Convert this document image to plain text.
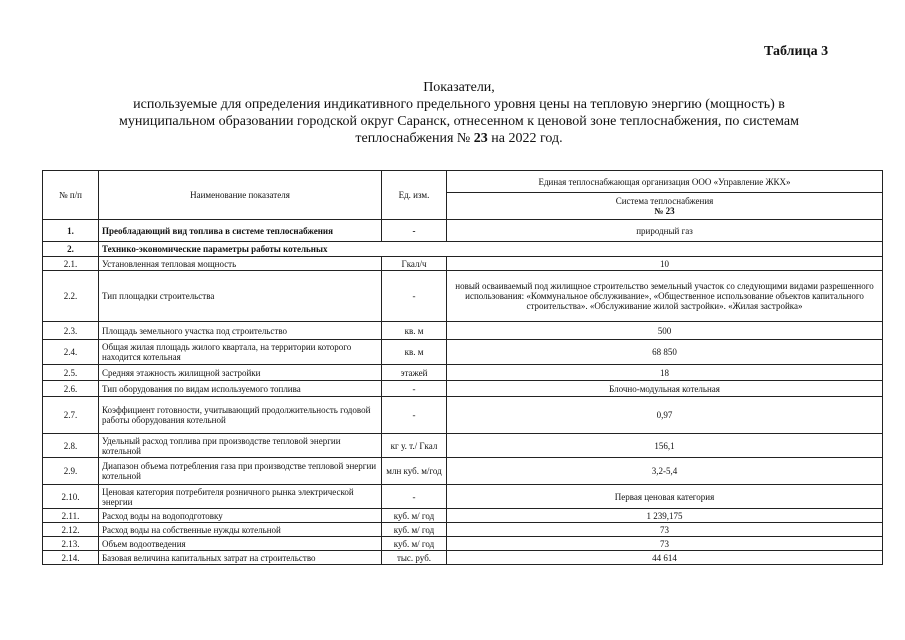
Таблица 3
Показатели,
используемые для определения индикативного предельного уровня цены на тепловую энергию (мощность) в
муниципальном образовании городской округ Саранск, отнесенном к ценовой зоне теплоснабжения, по системам
теплоснабжения № 23 на 2022 год.
№ п/п	Наименование показателя	Ед. изм.	Единая теплоснабжающая организация ООО «Управление ЖКХ»

			Система теплоснабжения
№ 23

1.	Преобладающий вид топлива в системе теплоснабжения	-	природный газ
2.	Технико-экономические параметры работы котельных		
2.1.	Установленная тепловая мощность	Гкал/ч	10
2.2.	Тип площадки строительства	-	новый осваиваемый под жилищное строительство земельный участок со следующими видами разрешенного использования: «Коммунальное обслуживание», «Общественное использование объектов капитального строительства». «Обслуживание жилой застройки». «Жилая застройка»
2.3.	Площадь земельного участка под строительство	кв. м	500
2.4.	Общая жилая площадь жилого квартала, на территории которого находится котельная	кв. м	68 850
2.5.	Средняя этажность жилищной застройки	этажей	18
2.6.	Тип оборудования по видам используемого топлива	-	Блочно-модульная котельная
2.7.	Коэффициент готовности, учитывающий продолжительность годовой работы оборудования котельной	-	0,97
2.8.	Удельный расход топлива при производстве тепловой энергии котельной	кг у. т./ Гкал	156,1
2.9.	Диапазон объема потребления газа при производстве тепловой энергии котельной	млн куб. м/год	3,2-5,4
2.10.	Ценовая категория потребителя розничного рынка электрической энергии	-	Первая ценовая категория
2.11.	Расход воды на водоподготовку	куб. м/ год	1 239,175
2.12.	Расход воды на собственные нужды котельной	куб. м/ год	73
2.13.	Объем водоотведения	куб. м/ год	73
2.14.	Базовая величина капитальных затрат на строительство	тыс. руб.	44 614
